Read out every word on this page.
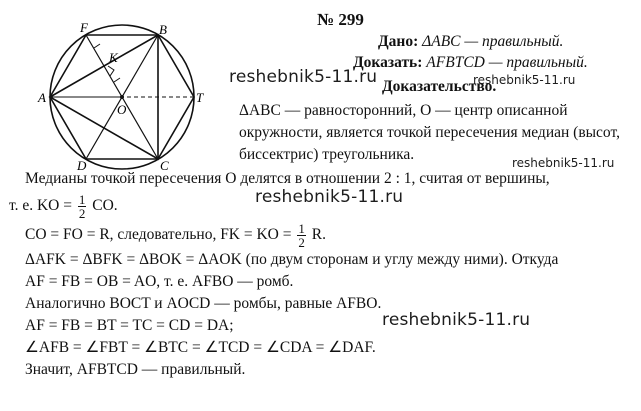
№ 299
F	B
K
A
O
T
D	C
Дано: ΔABC — правильный.
Доказать: AFBTCD — правильный.
reshebnik5-11.ru	reshebnik5-11.ru
Доказательство.
ΔABC — равносторонний, O — центр описанной
окружности, является точкой пересечения медиан (высот,
биссектрис) треугольника.	reshebnik5-11.ru
Медианы точкой пересечения O делятся в отношении 2 : 1, считая от вершины,
reshebnik5-11.ru
т. е. KO = $\frac{1}{2}$ CO.
CO = FO = R, следовательно, FK = KO = $\frac{1}{2} R$.
ΔAFK = ΔBFK = ΔBOK = ΔAOK (по двум сторонам и углу между ними). Откуда
AF = FB = OB = AO, т. е. AFBO — ромб.
Аналогично BOCT и AOCD — ромбы, равные AFBO.
reshebnik5-11.ru
AF = FB = BT = TC = CD = DA;
∠AFB = ∠FBT = ∠BTC = ∠TCD = ∠CDA = ∠DAF.
Значит, AFBTCD — правильный.
